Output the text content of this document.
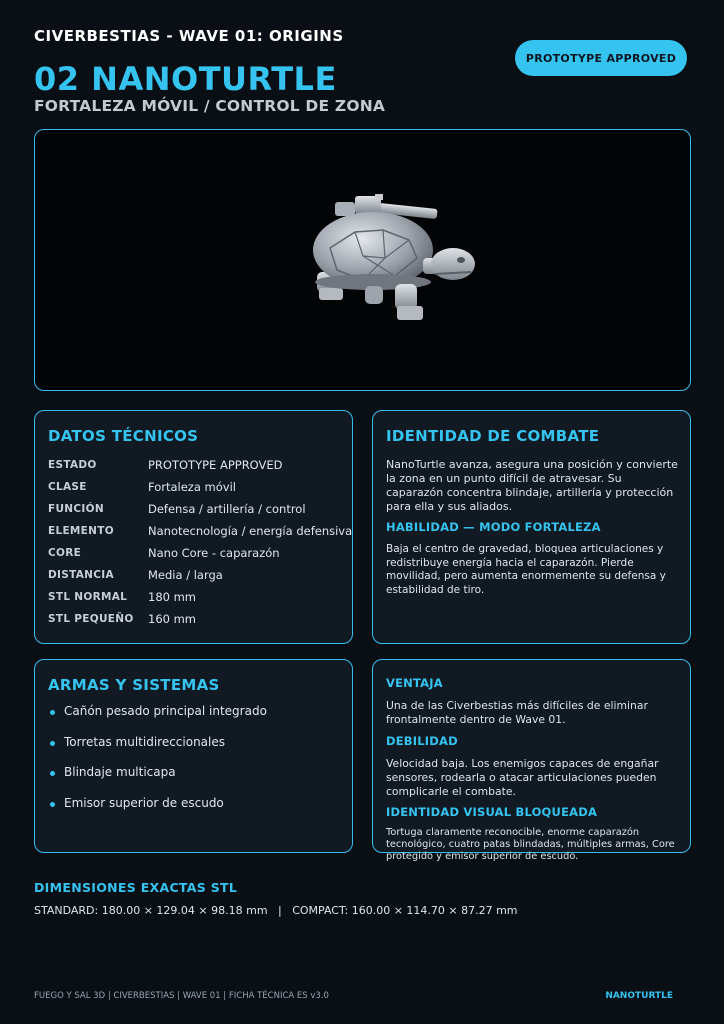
CIVERBESTIAS - WAVE 01: ORIGINS
PROTOTYPE APPROVED
02 NANOTURTLE
FORTALEZA MÓVIL / CONTROL DE ZONA
DATOS TÉCNICOS
ESTADO	PROTOTYPE APPROVED
CLASE	Fortaleza móvil
FUNCIÓN	Defensa / artillería / control
ELEMENTO	Nanotecnología / energía defensiva
CORE	Nano Core - caparazón
DISTANCIA	Media / larga
STL NORMAL	180 mm
STL PEQUEÑO	160 mm
IDENTIDAD DE COMBATE
NanoTurtle avanza, asegura una posición y convierte la zona en un punto difícil de atravesar. Su caparazón concentra blindaje, artillería y protección para ella y sus aliados.
HABILIDAD — MODO FORTALEZA
Baja el centro de gravedad, bloquea articulaciones y redistribuye energía hacia el caparazón. Pierde movilidad, pero aumenta enormemente su defensa y estabilidad de tiro.
ARMAS Y SISTEMAS
Cañón pesado principal integrado
Torretas multidireccionales
Blindaje multicapa
Emisor superior de escudo
VENTAJA
Una de las Civerbestias más difíciles de eliminar frontalmente dentro de Wave 01.
DEBILIDAD
Velocidad baja. Los enemigos capaces de engañar sensores, rodearla o atacar articulaciones pueden complicarle el combate.
IDENTIDAD VISUAL BLOQUEADA
Tortuga claramente reconocible, enorme caparazón tecnológico, cuatro patas blindadas, múltiples armas, Core protegido y emisor superior de escudo.
DIMENSIONES EXACTAS STL
STANDARD: 180.00 × 129.04 × 98.18 mm   |   COMPACT: 160.00 × 114.70 × 87.27 mm
FUEGO Y SAL 3D | CIVERBESTIAS | WAVE 01 | FICHA TÉCNICA ES v3.0	NANOTURTLE
